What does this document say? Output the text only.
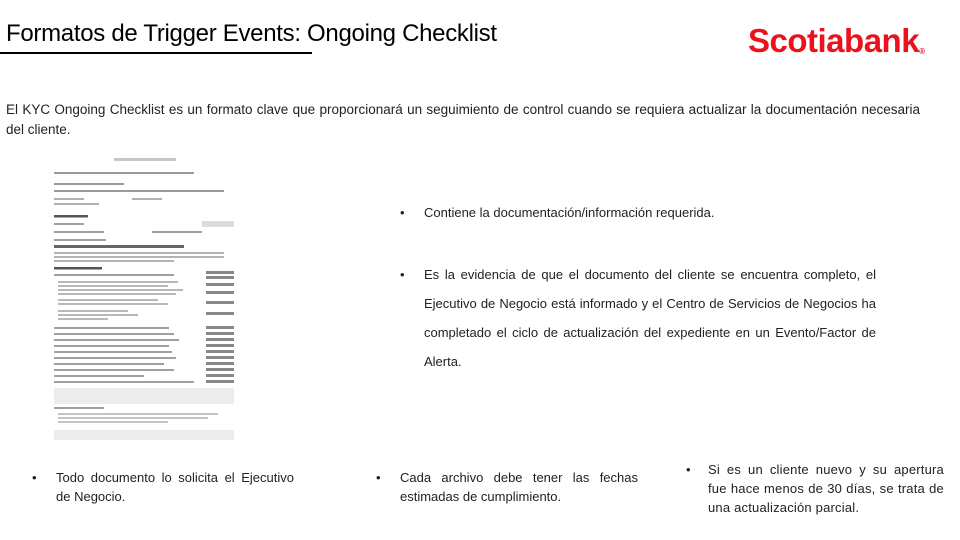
Formatos de Trigger Events: Ongoing Checklist	Scotiabank®
El KYC Ongoing Checklist es un formato clave que proporcionará un seguimiento de control cuando se requiera actualizar la documentación necesaria del cliente.
• Contiene la documentación/información requerida.
• Es la evidencia de que el documento del cliente se encuentra completo, el Ejecutivo de Negocio está informado y el Centro de Servicios de Negocios ha completado el ciclo de actualización del expediente en un Evento/Factor de Alerta.
• Todo documento lo solicita el Ejecutivo de Negocio.
• Cada archivo debe tener las fechas estimadas de cumplimiento.
• Si es un cliente nuevo y su apertura fue hace menos de 30 días, se trata de una actualización parcial.
